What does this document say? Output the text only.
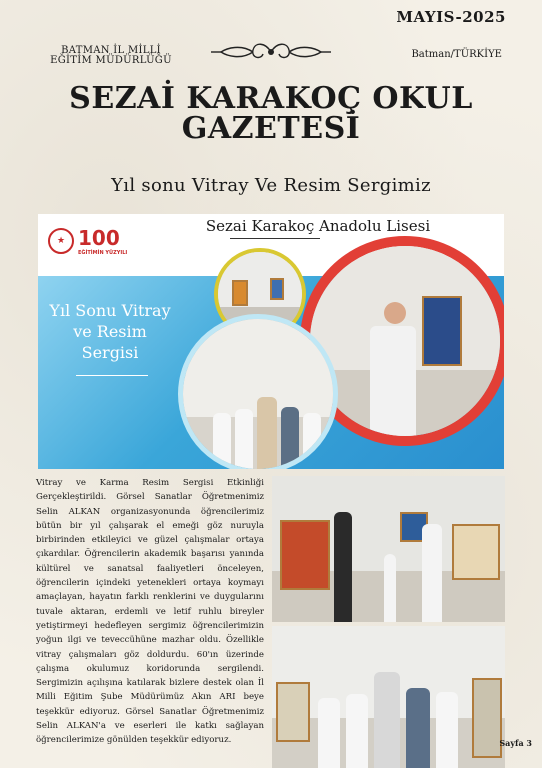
MAYIS-2025
BATMAN İL MİLLİ
EĞİTİM MÜDÜRLÜĞÜ
Batman/TÜRKİYE
SEZAİ KARAKOÇ OKUL
GAZETESİ
Yıl sonu Vitray Ve Resim Sergimiz
★ 100
EĞİTİMİN YÜZYILI
Sezai Karakoç Anadolu Lisesi
Yıl Sonu Vitray
ve Resim
Sergisi
Vitray ve Karma Resim Sergisi Etkinliği Gerçekleştirildi. Görsel Sanatlar Öğretmenimiz Selin ALKAN organizasyonunda öğrencilerimiz bütün bir yıl çalışarak el emeği göz nuruyla birbirinden etkileyici ve güzel çalışmalar ortaya çıkardılar. Öğrencilerin akademik başarısı yanında kültürel ve sanatsal faaliyetleri önceleyen, öğrencilerin içindeki yetenekleri ortaya koymayı amaçlayan, hayatın farklı renklerini ve duygularını tuvale aktaran, erdemli ve letif ruhlu bireyler yetiştirmeyi hedefleyen sergimiz öğrencilerimizin yoğun ilgi ve teveccühüne mazhar oldu. Özellikle vitray çalışmaları göz doldurdu. 60'ın üzerinde çalışma okulumuz koridorunda sergilendi. Sergimizin açılışına katılarak bizlere destek olan İl Milli Eğitim Şube Müdürümüz Akın ARI beye teşekkür ediyoruz. Görsel Sanatlar Öğretmenimiz Selin ALKAN'a ve eserleri ile katkı sağlayan öğrencilerimize gönülden teşekkür ediyoruz.	Sayfa 3
